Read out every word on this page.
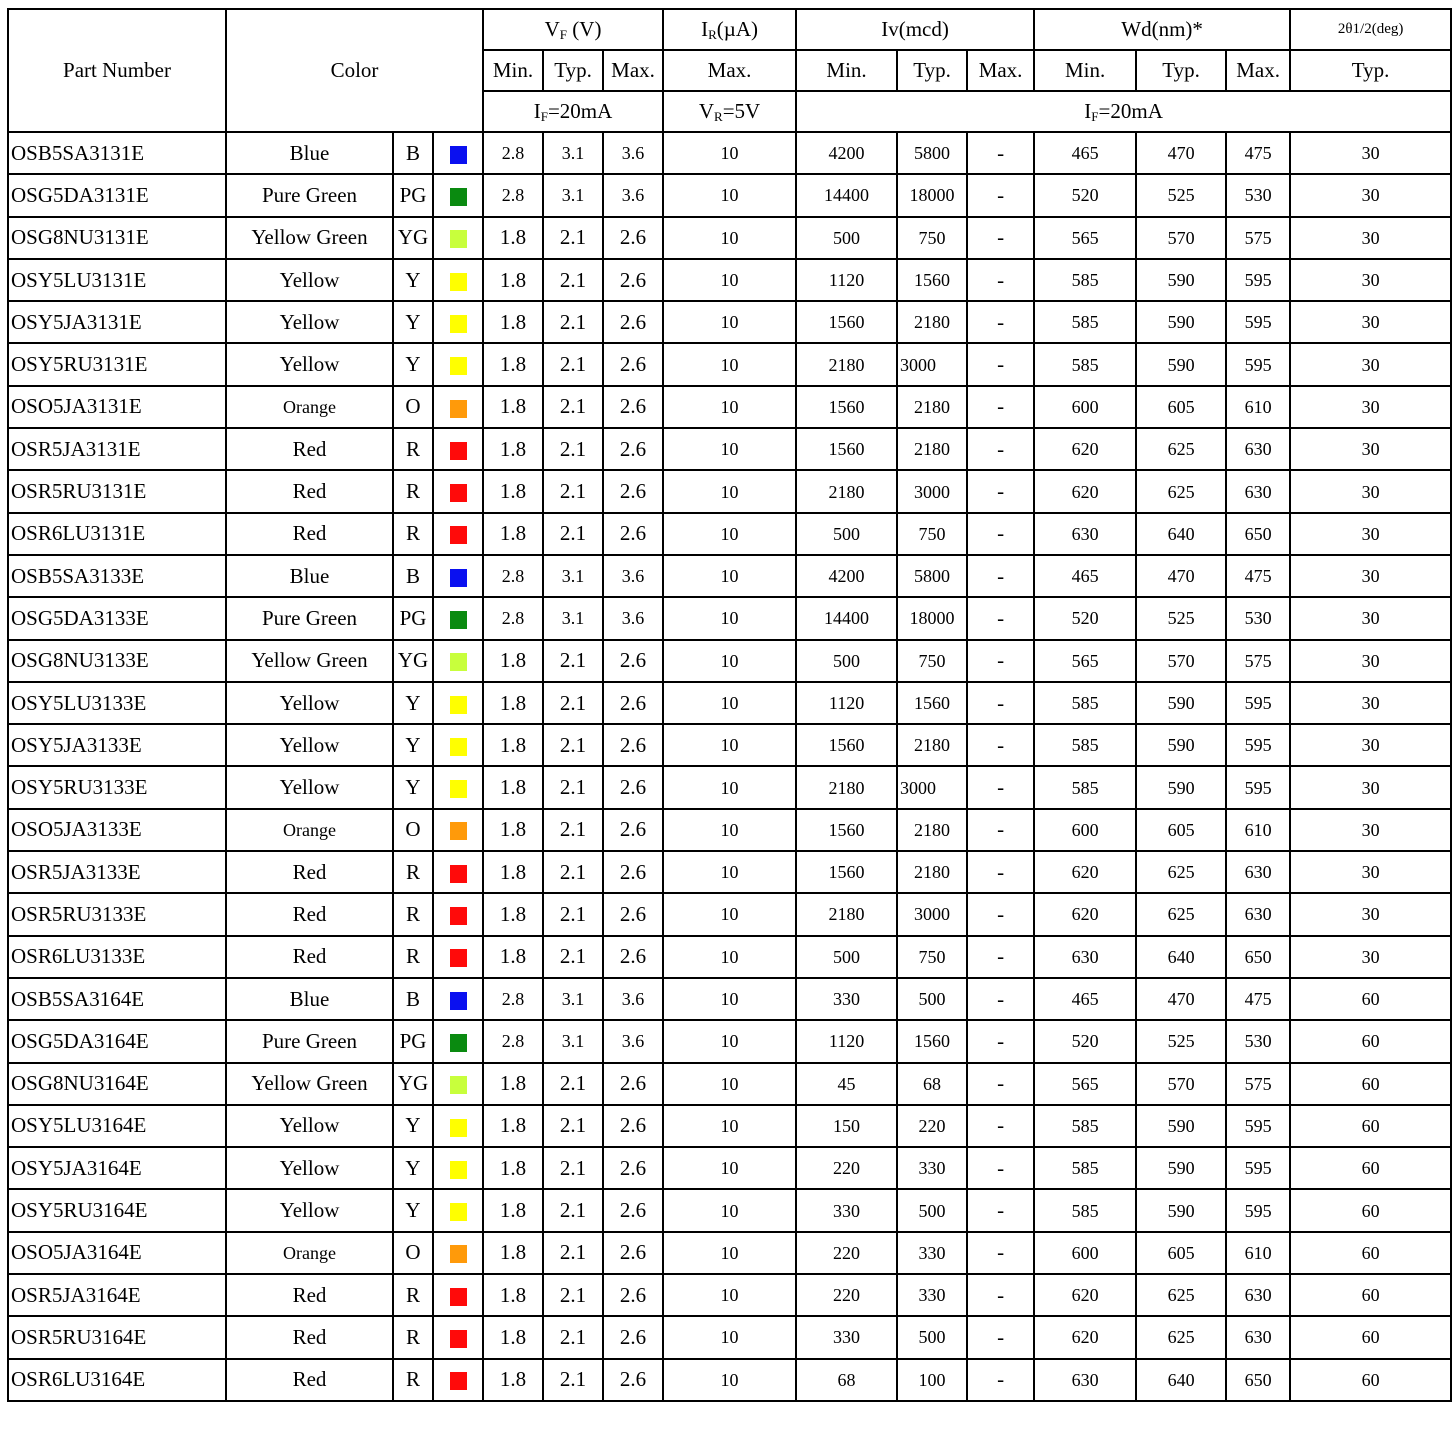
Part Number	Color			$V_F$ (V)			$I_R(\mu A)$	Iv(mcd)			Wd(nm)*			2θ1/2(deg)
				Min.	Typ.	Max.	Max.	Min.	Typ.	Max.	Min.	Typ.	Max.	Typ.
				$I_F=20mA$			$V_R=5V$	$I_F=20mA$						
OSB5SA3131E	Blue	B		2.8	3.1	3.6	10	4200	5800	-	465	470	475	30
OSG5DA3131E	Pure Green	PG		2.8	3.1	3.6	10	14400	18000	-	520	525	530	30
OSG8NU3131E	Yellow Green	YG		1.8	2.1	2.6	10	500	750	-	565	570	575	30
OSY5LU3131E	Yellow	Y		1.8	2.1	2.6	10	1120	1560	-	585	590	595	30
OSY5JA3131E	Yellow	Y		1.8	2.1	2.6	10	1560	2180	-	585	590	595	30
OSY5RU3131E	Yellow	Y		1.8	2.1	2.6	10	2180	3000	-	585	590	595	30
OSO5JA3131E	Orange	O		1.8	2.1	2.6	10	1560	2180	-	600	605	610	30
OSR5JA3131E	Red	R		1.8	2.1	2.6	10	1560	2180	-	620	625	630	30
OSR5RU3131E	Red	R		1.8	2.1	2.6	10	2180	3000	-	620	625	630	30
OSR6LU3131E	Red	R		1.8	2.1	2.6	10	500	750	-	630	640	650	30
OSB5SA3133E	Blue	B		2.8	3.1	3.6	10	4200	5800	-	465	470	475	30
OSG5DA3133E	Pure Green	PG		2.8	3.1	3.6	10	14400	18000	-	520	525	530	30
OSG8NU3133E	Yellow Green	YG		1.8	2.1	2.6	10	500	750	-	565	570	575	30
OSY5LU3133E	Yellow	Y		1.8	2.1	2.6	10	1120	1560	-	585	590	595	30
OSY5JA3133E	Yellow	Y		1.8	2.1	2.6	10	1560	2180	-	585	590	595	30
OSY5RU3133E	Yellow	Y		1.8	2.1	2.6	10	2180	3000	-	585	590	595	30
OSO5JA3133E	Orange	O		1.8	2.1	2.6	10	1560	2180	-	600	605	610	30
OSR5JA3133E	Red	R		1.8	2.1	2.6	10	1560	2180	-	620	625	630	30
OSR5RU3133E	Red	R		1.8	2.1	2.6	10	2180	3000	-	620	625	630	30
OSR6LU3133E	Red	R		1.8	2.1	2.6	10	500	750	-	630	640	650	30
OSB5SA3164E	Blue	B		2.8	3.1	3.6	10	330	500	-	465	470	475	60
OSG5DA3164E	Pure Green	PG		2.8	3.1	3.6	10	1120	1560	-	520	525	530	60
OSG8NU3164E	Yellow Green	YG		1.8	2.1	2.6	10	45	68	-	565	570	575	60
OSY5LU3164E	Yellow	Y		1.8	2.1	2.6	10	150	220	-	585	590	595	60
OSY5JA3164E	Yellow	Y		1.8	2.1	2.6	10	220	330	-	585	590	595	60
OSY5RU3164E	Yellow	Y		1.8	2.1	2.6	10	330	500	-	585	590	595	60
OSO5JA3164E	Orange	O		1.8	2.1	2.6	10	220	330	-	600	605	610	60
OSR5JA3164E	Red	R		1.8	2.1	2.6	10	220	330	-	620	625	630	60
OSR5RU3164E	Red	R		1.8	2.1	2.6	10	330	500	-	620	625	630	60
OSR6LU3164E	Red	R		1.8	2.1	2.6	10	68	100	-	630	640	650	60
